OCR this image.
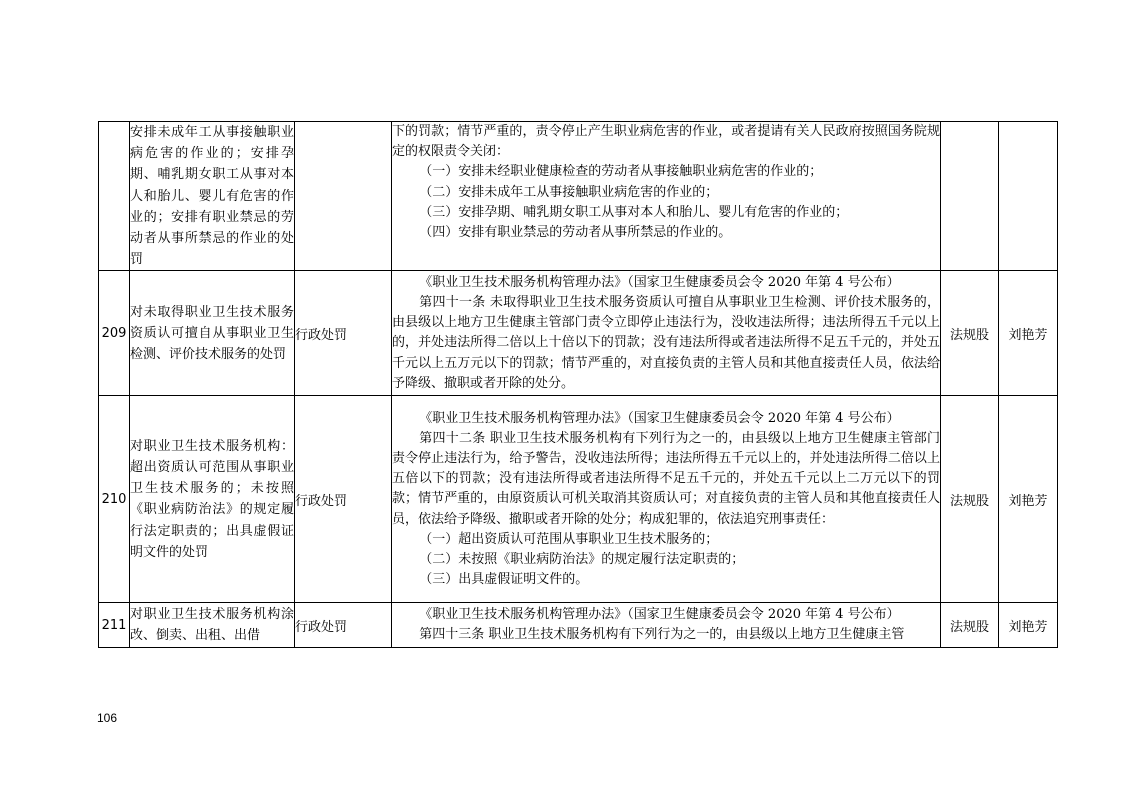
	安排未成年工从事接触职业病危害的作业的；安排孕期、哺乳期女职工从事对本人和胎儿、婴儿有危害的作业的；安排有职业禁忌的劳动者从事所禁忌的作业的处罚		下的罚款；情节严重的，责令停止产生职业病危害的作业，或者提请有关人民政府按照国务院规定的权限责令关闭：

（一）安排未经职业健康检查的劳动者从事接触职业病危害的作业的；

（二）安排未成年工从事接触职业病危害的作业的；

（三）安排孕期、哺乳期女职工从事对本人和胎儿、婴儿有危害的作业的；

（四）安排有职业禁忌的劳动者从事所禁忌的作业的。		

209	对未取得职业卫生技术服务资质认可擅自从事职业卫生检测、评价技术服务的处罚	行政处罚	《职业卫生技术服务机构管理办法》（国家卫生健康委员会令 2020 年第 4 号公布）

第四十一条 未取得职业卫生技术服务资质认可擅自从事职业卫生检测、评价技术服务的，由县级以上地方卫生健康主管部门责令立即停止违法行为，没收违法所得；违法所得五千元以上的，并处违法所得二倍以上十倍以下的罚款；没有违法所得或者违法所得不足五千元的，并处五千元以上五万元以下的罚款；情节严重的，对直接负责的主管人员和其他直接责任人员，依法给予降级、撤职或者开除的处分。	法规股	刘艳芳
210	对职业卫生技术服务机构：超出资质认可范围从事职业卫生技术服务的；未按照《职业病防治法》的规定履行法定职责的；出具虚假证明文件的处罚	行政处罚	《职业卫生技术服务机构管理办法》（国家卫生健康委员会令 2020 年第 4 号公布）

第四十二条 职业卫生技术服务机构有下列行为之一的，由县级以上地方卫生健康主管部门责令停止违法行为，给予警告，没收违法所得；违法所得五千元以上的，并处违法所得二倍以上五倍以下的罚款；没有违法所得或者违法所得不足五千元的，并处五千元以上二万元以下的罚款；情节严重的，由原资质认可机关取消其资质认可；对直接负责的主管人员和其他直接责任人员，依法给予降级、撤职或者开除的处分；构成犯罪的，依法追究刑事责任：

（一）超出资质认可范围从事职业卫生技术服务的；

（二）未按照《职业病防治法》的规定履行法定职责的；

（三）出具虚假证明文件的。	法规股	刘艳芳
211	对职业卫生技术服务机构涂改、倒卖、出租、出借	行政处罚	《职业卫生技术服务机构管理办法》（国家卫生健康委员会令 2020 年第 4 号公布）

第四十三条 职业卫生技术服务机构有下列行为之一的，由县级以上地方卫生健康主管	法规股	刘艳芳
106
